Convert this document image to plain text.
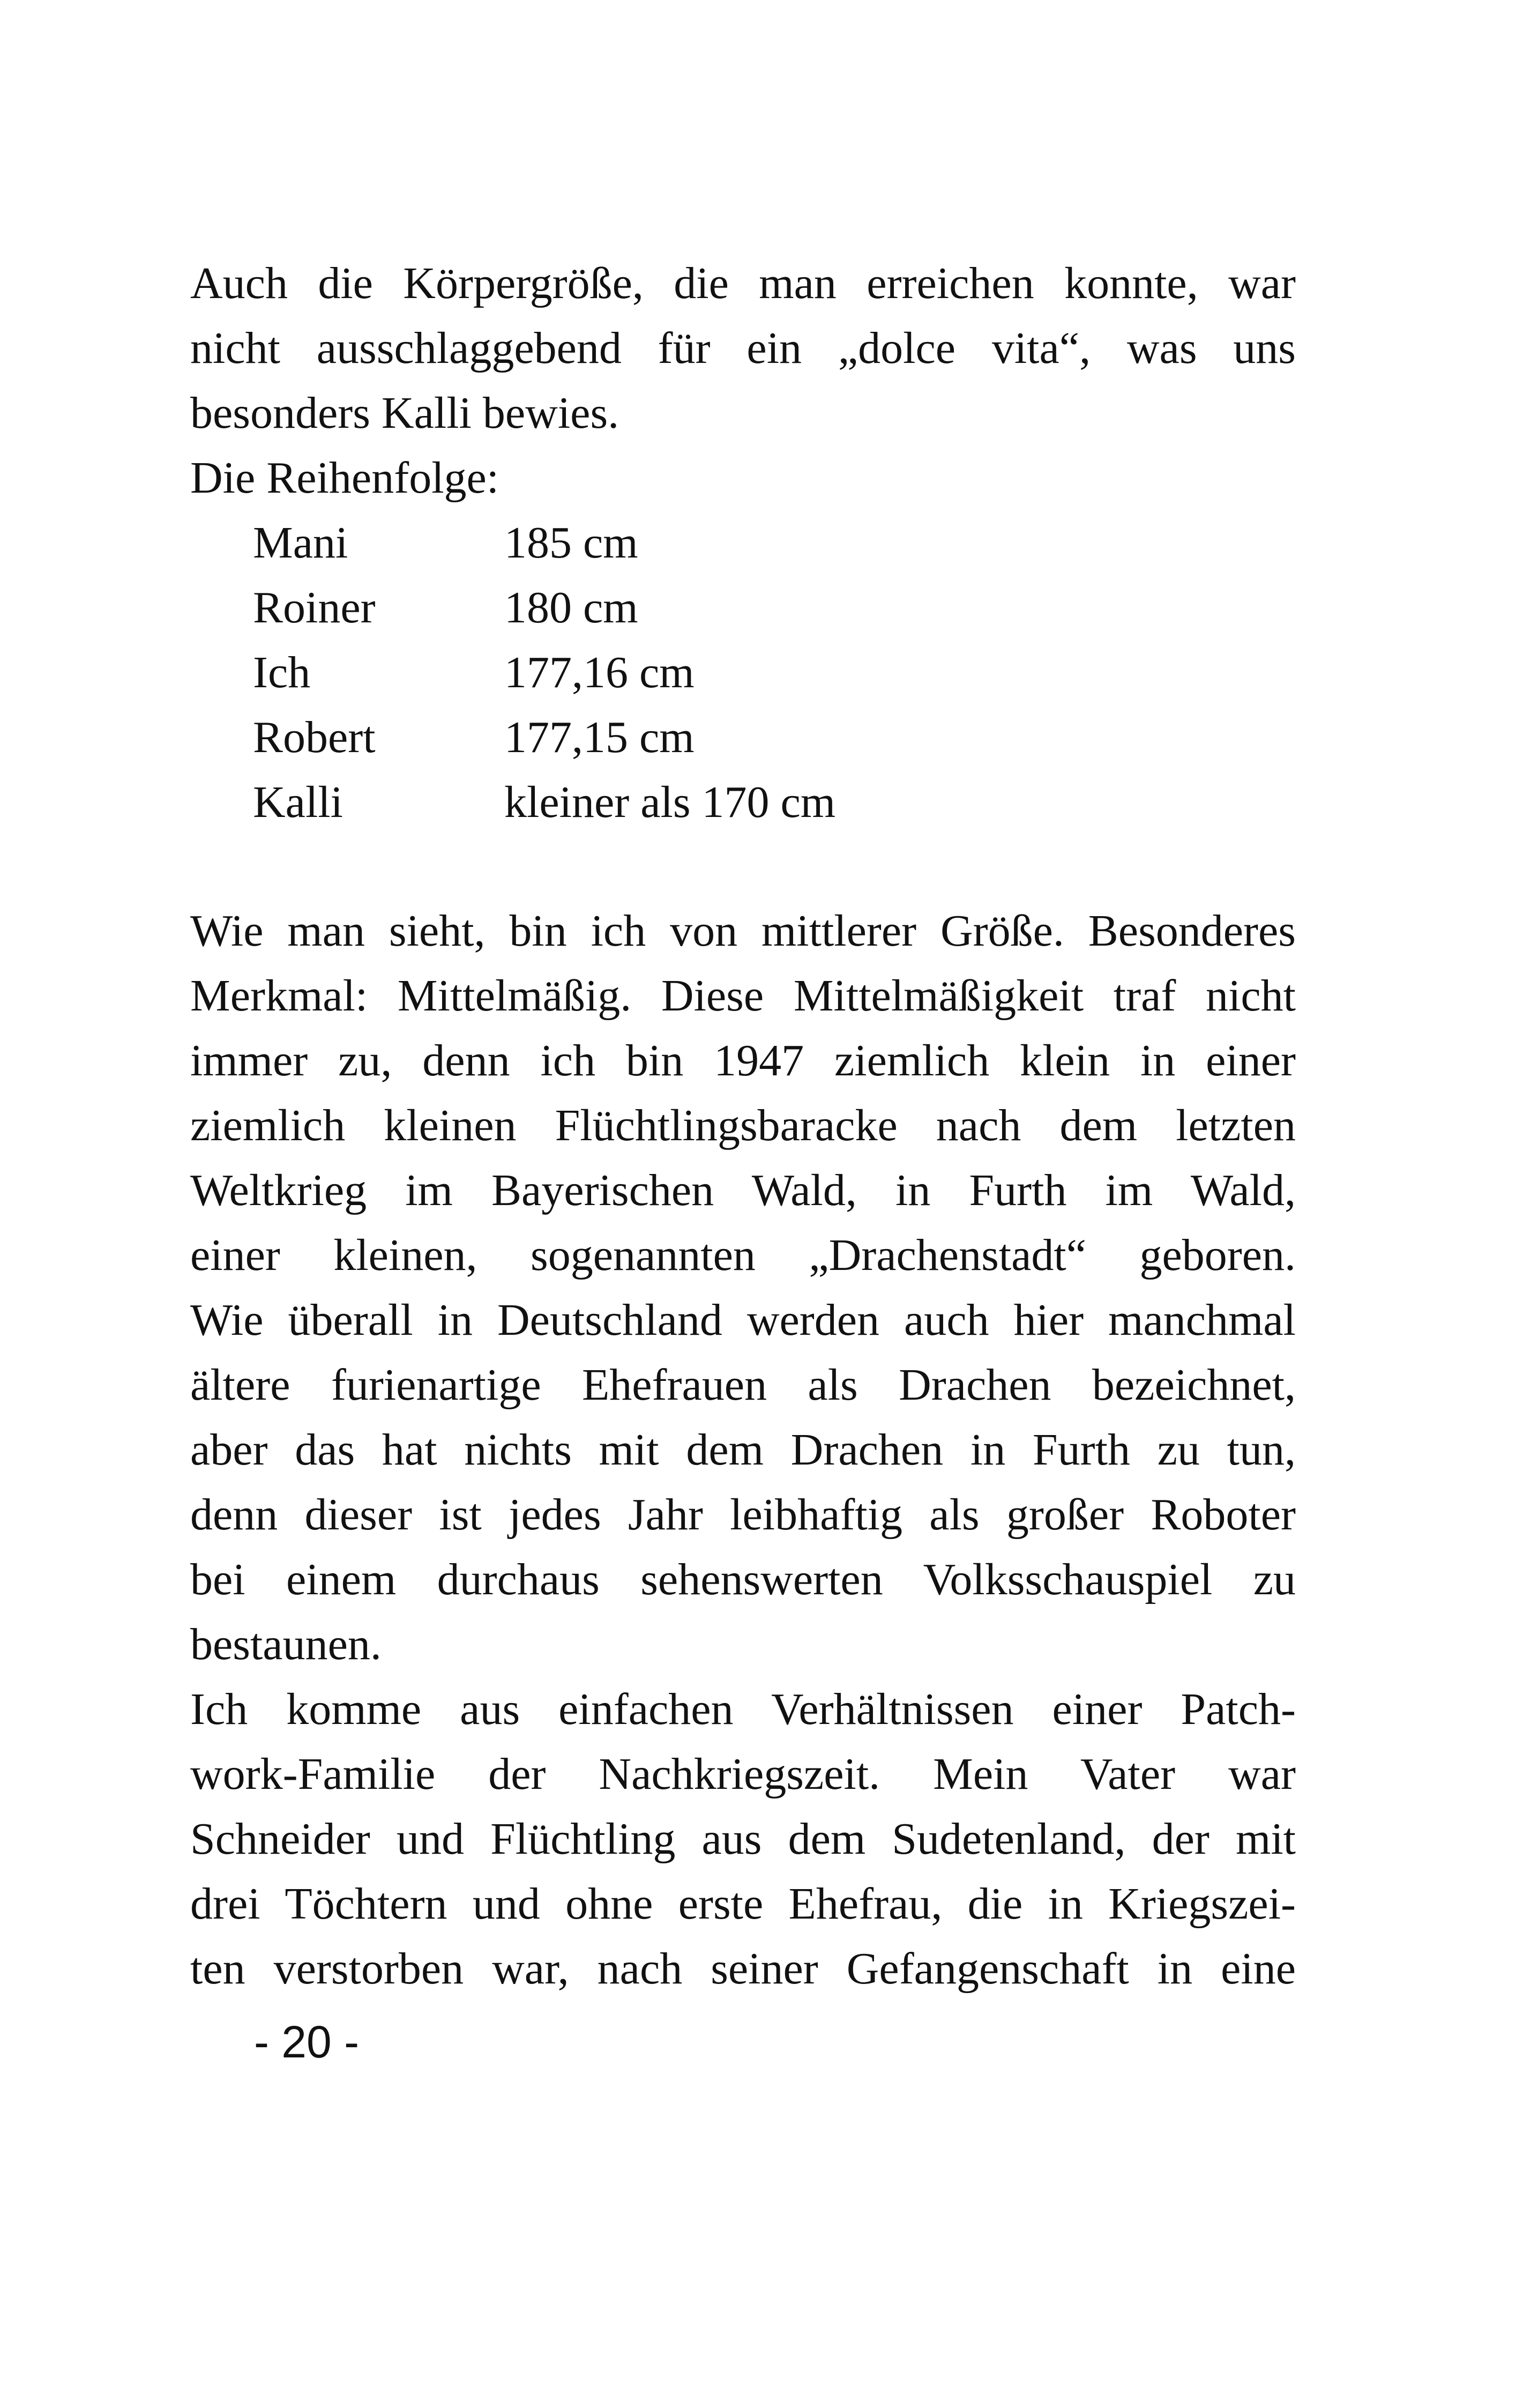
Auch die Körpergröße, die man erreichen konnte, war
nicht ausschlaggebend für ein „dolce vita“, was uns
besonders Kalli bewies.
Die Reihenfolge:
Mani	185 cm
Roiner	180 cm
Ich	177,16 cm
Robert	177,15 cm
Kalli	kleiner als 170 cm
Wie man sieht, bin ich von mittlerer Größe. Besonderes
Merkmal: Mittelmäßig. Diese Mittelmäßigkeit traf nicht
immer zu, denn ich bin 1947 ziemlich klein in einer
ziemlich kleinen Flüchtlingsbaracke nach dem letzten
Weltkrieg im Bayerischen Wald, in Furth im Wald,
einer kleinen, sogenannten „Drachenstadt“ geboren.
Wie überall in Deutschland werden auch hier manchmal
ältere furienartige Ehefrauen als Drachen bezeichnet,
aber das hat nichts mit dem Drachen in Furth zu tun,
denn dieser ist jedes Jahr leibhaftig als großer Roboter
bei einem durchaus sehenswerten Volksschauspiel zu
bestaunen.
Ich komme aus einfachen Verhältnissen einer Patch-
work-Familie der Nachkriegszeit. Mein Vater war
Schneider und Flüchtling aus dem Sudetenland, der mit
drei Töchtern und ohne erste Ehefrau, die in Kriegszei-
ten verstorben war, nach seiner Gefangenschaft in eine
- 20 -
